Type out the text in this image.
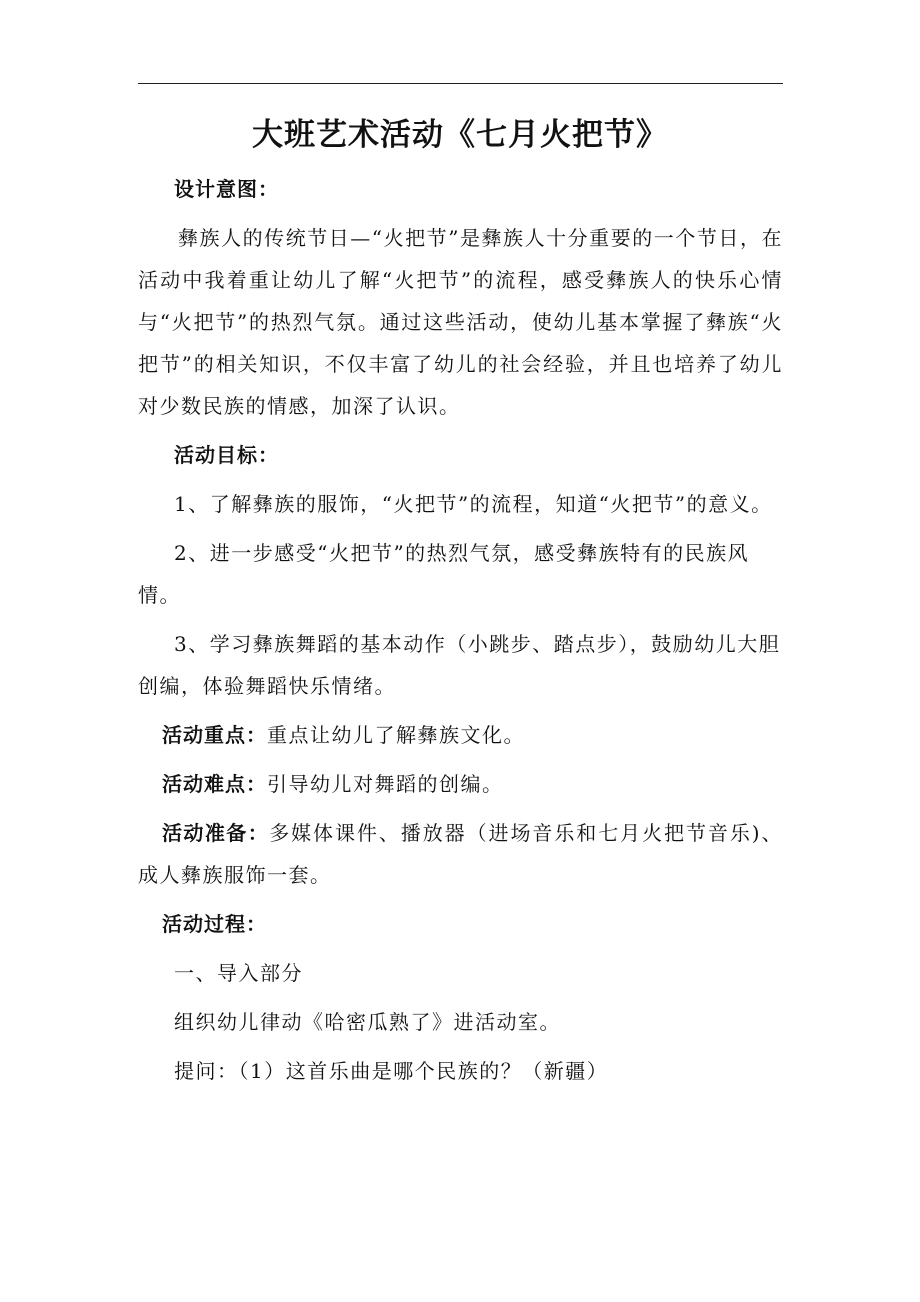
大班艺术活动《七月火把节》

设计意图：

彝族人的传统节日—“火把节”是彝族人十分重要的一个节日，在活动中我着重让幼儿了解“火把节”的流程，感受彝族人的快乐心情与“火把节”的热烈气氛。通过这些活动，使幼儿基本掌握了彝族“火把节”的相关知识，不仅丰富了幼儿的社会经验，并且也培养了幼儿对少数民族的情感，加深了认识。

活动目标：

1、了解彝族的服饰，“火把节”的流程，知道“火把节”的意义。

2、进一步感受“火把节”的热烈气氛，感受彝族特有的民族风情。

3、学习彝族舞蹈的基本动作（小跳步、踏点步），鼓励幼儿大胆创编，体验舞蹈快乐情绪。

活动重点：重点让幼儿了解彝族文化。

活动难点：引导幼儿对舞蹈的创编。

活动准备：多媒体课件、播放器（进场音乐和七月火把节音乐)、成人彝族服饰一套。

活动过程：

一、导入部分

组织幼儿律动《哈密瓜熟了》进活动室。

提问：（1）这首乐曲是哪个民族的？（新疆）
